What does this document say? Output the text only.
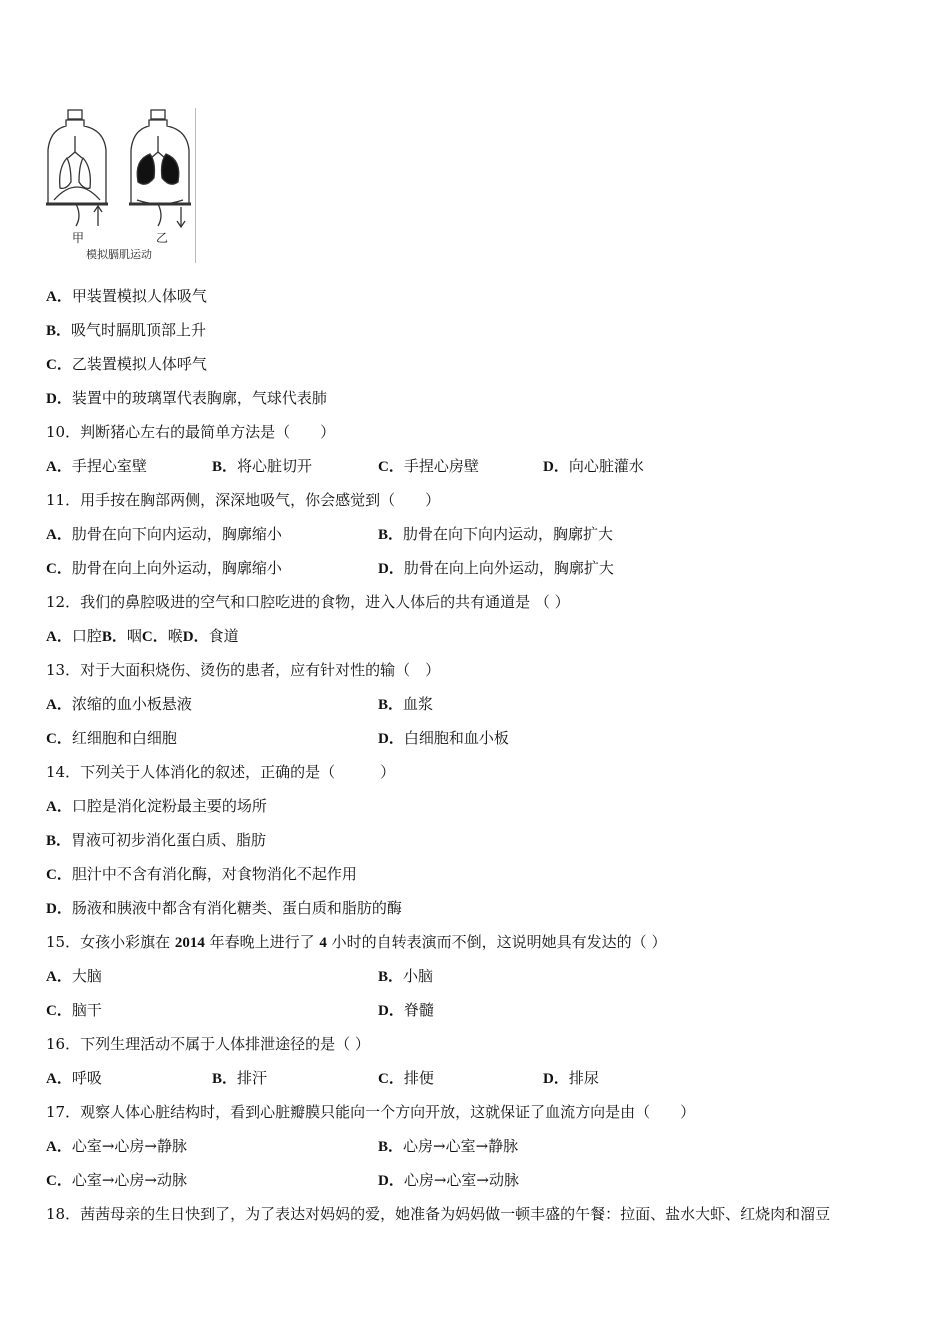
甲	乙
模拟膈肌运动
A．甲装置模拟人体吸气
B．吸气时膈肌顶部上升
C．乙装置模拟人体呼气
D．装置中的玻璃罩代表胸廓，气球代表肺
10．判断猪心左右的最简单方法是（　　）
A．手捏心室壁	B．将心脏切开	C．手捏心房壁	D．向心脏灌水
11．用手按在胸部两侧，深深地吸气，你会感觉到（　　）
A．肋骨在向下向内运动，胸廓缩小	B．肋骨在向下向内运动，胸廓扩大
C．肋骨在向上向外运动，胸廓缩小	D．肋骨在向上向外运动，胸廓扩大
12．我们的鼻腔吸进的空气和口腔吃进的食物，进入人体后的共有通道是 （ ）
A．口腔B．咽C．喉D．食道
13．对于大面积烧伤、烫伤的患者，应有针对性的输（　）
A．浓缩的血小板悬液	B．血浆
C．红细胞和白细胞	D．白细胞和血小板
14．下列关于人体消化的叙述，正确的是（　　　）
A．口腔是消化淀粉最主要的场所
B．胃液可初步消化蛋白质、脂肪
C．胆汁中不含有消化酶，对食物消化不起作用
D．肠液和胰液中都含有消化糖类、蛋白质和脂肪的酶
15．女孩小彩旗在 2014 年春晚上进行了 4 小时的自转表演而不倒，这说明她具有发达的（ ）
A．大脑	B．小脑
C．脑干	D．脊髓
16．下列生理活动不属于人体排泄途径的是（ ）
A．呼吸	B．排汗	C．排便	D．排尿
17．观察人体心脏结构时，看到心脏瓣膜只能向一个方向开放，这就保证了血流方向是由（　　）
A．心室→心房→静脉	B．心房→心室→静脉
C．心室→心房→动脉	D．心房→心室→动脉
18．茜茜母亲的生日快到了，为了表达对妈妈的爱，她准备为妈妈做一顿丰盛的午餐：拉面、盐水大虾、红烧肉和溜豆
